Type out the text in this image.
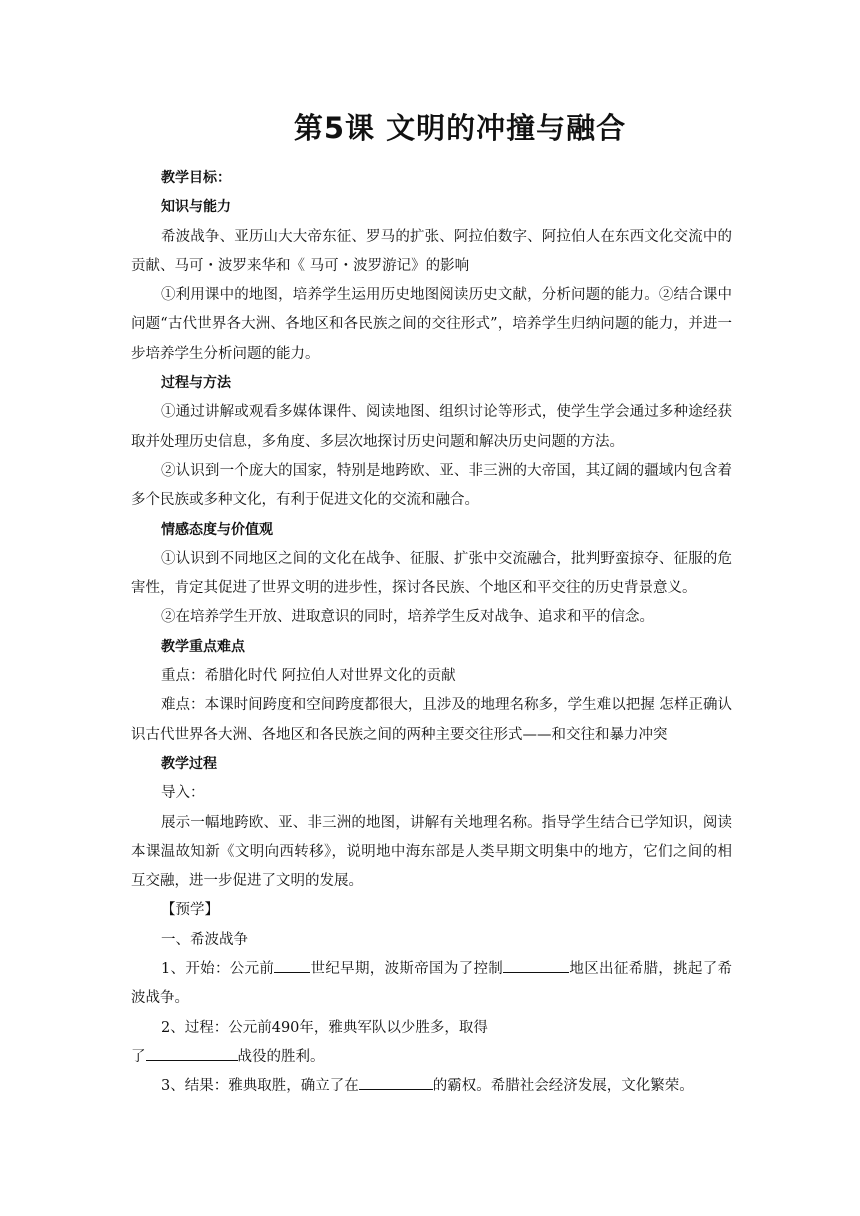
第5课 文明的冲撞与融合

教学目标：

知识与能力

希波战争、亚历山大大帝东征、罗马的扩张、阿拉伯数字、阿拉伯人在东西文化交流中的贡献、马可・波罗来华和《 马可・波罗游记》的影响

①利用课中的地图，培养学生运用历史地图阅读历史文献，分析问题的能力。②结合课中问题“古代世界各大洲、各地区和各民族之间的交往形式”，培养学生归纳问题的能力，并进一步培养学生分析问题的能力。

过程与方法

①通过讲解或观看多媒体课件、阅读地图、组织讨论等形式，使学生学会通过多种途经获取并处理历史信息，多角度、多层次地探讨历史问题和解决历史问题的方法。

②认识到一个庞大的国家，特别是地跨欧、亚、非三洲的大帝国，其辽阔的疆域内包含着多个民族或多种文化，有利于促进文化的交流和融合。

情感态度与价值观

①认识到不同地区之间的文化在战争、征服、扩张中交流融合，批判野蛮掠夺、征服的危害性，肯定其促进了世界文明的进步性，探讨各民族、个地区和平交往的历史背景意义。

②在培养学生开放、进取意识的同时，培养学生反对战争、追求和平的信念。

教学重点难点

重点：希腊化时代 阿拉伯人对世界文化的贡献

难点：本课时间跨度和空间跨度都很大，且涉及的地理名称多，学生难以把握 怎样正确认识古代世界各大洲、各地区和各民族之间的两种主要交往形式——和交往和暴力冲突

教学过程

导入：

展示一幅地跨欧、亚、非三洲的地图，讲解有关地理名称。指导学生结合已学知识，阅读本课温故知新《文明向西转移》，说明地中海东部是人类早期文明集中的地方，它们之间的相互交融，进一步促进了文明的发展。

【预学】

一、希波战争

1、开始：公元前 世纪早期，波斯帝国为了控制	地区出征希腊，挑起了希波战争。

2、过程：公元前490年，雅典军队以少胜多，取得

了	战役的胜利。

3、结果：雅典取胜，确立了在	的霸权。希腊社会经济发展，文化繁荣。
